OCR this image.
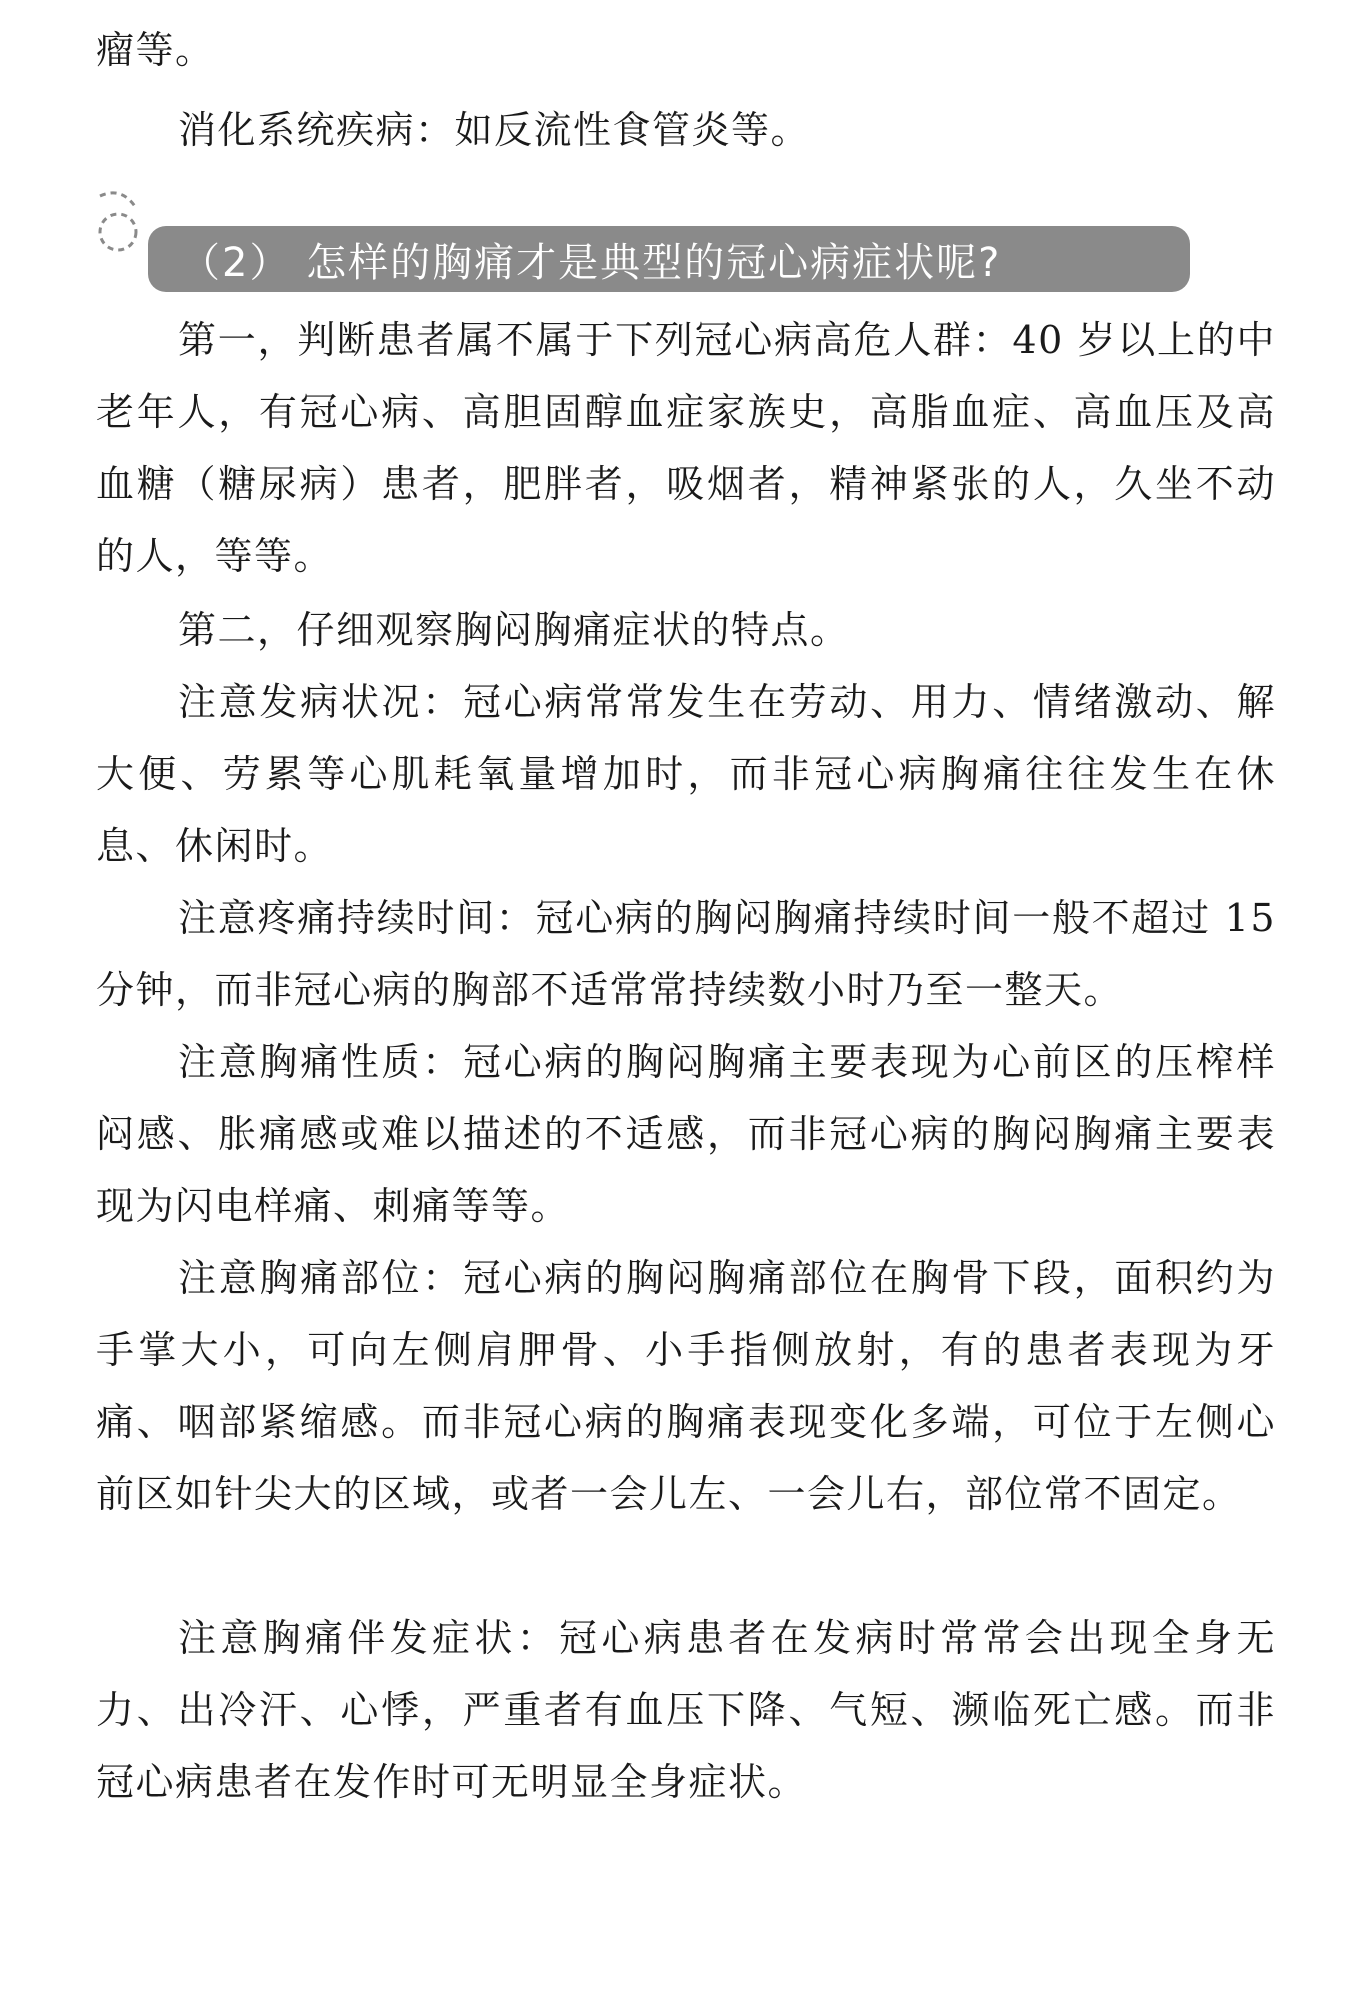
瘤等。

消化系统疾病：如反流性食管炎等。

（2） 怎样的胸痛才是典型的冠心病症状呢?

第一，判断患者属不属于下列冠心病高危人群：40 岁以上的中老年人，有冠心病、高胆固醇血症家族史，高脂血症、高血压及高血糖（糖尿病）患者，肥胖者，吸烟者，精神紧张的人，久坐不动的人，等等。

第二，仔细观察胸闷胸痛症状的特点。

注意发病状况：冠心病常常发生在劳动、用力、情绪激动、解大便、劳累等心肌耗氧量增加时，而非冠心病胸痛往往发生在休息、休闲时。

注意疼痛持续时间：冠心病的胸闷胸痛持续时间一般不超过 15 分钟，而非冠心病的胸部不适常常持续数小时乃至一整天。

注意胸痛性质：冠心病的胸闷胸痛主要表现为心前区的压榨样闷感、胀痛感或难以描述的不适感，而非冠心病的胸闷胸痛主要表现为闪电样痛、刺痛等等。

注意胸痛部位：冠心病的胸闷胸痛部位在胸骨下段，面积约为手掌大小，可向左侧肩胛骨、小手指侧放射，有的患者表现为牙痛、咽部紧缩感。而非冠心病的胸痛表现变化多端，可位于左侧心前区如针尖大的区域，或者一会儿左、一会儿右，部位常不固定。

注意胸痛伴发症状：冠心病患者在发病时常常会出现全身无力、出冷汗、心悸，严重者有血压下降、气短、濒临死亡感。而非冠心病患者在发作时可无明显全身症状。
